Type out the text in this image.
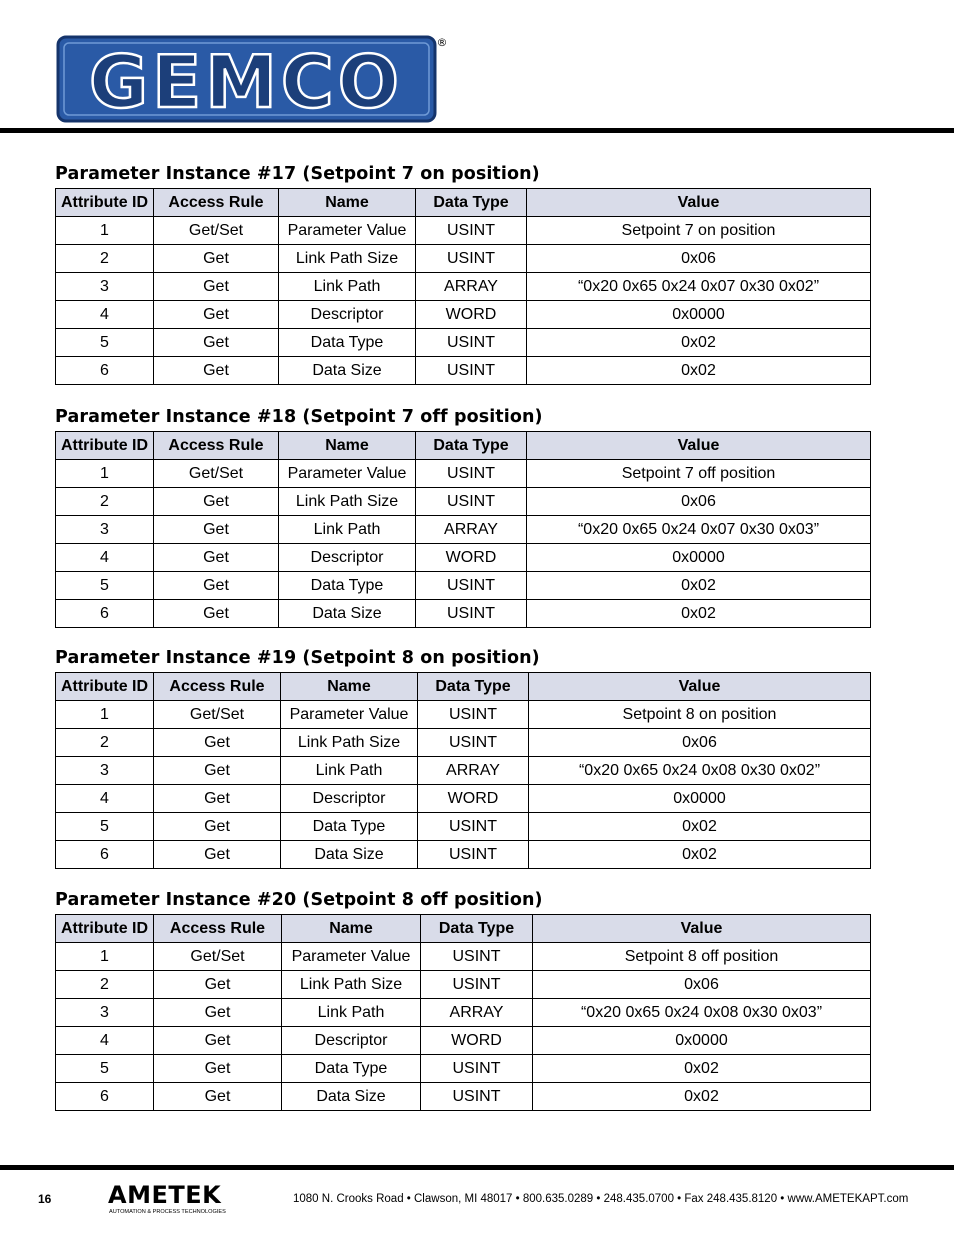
GEMCO	®
Parameter Instance #17 (Setpoint 7 on position)
Attribute ID	Access Rule	Name	Data Type	Value
1	Get/Set	Parameter Value	USINT	Setpoint 7 on position
2	Get	Link Path Size	USINT	0x06
3	Get	Link Path	ARRAY	“0x20 0x65 0x24 0x07 0x30 0x02”
4	Get	Descriptor	WORD	0x0000
5	Get	Data Type	USINT	0x02
6	Get	Data Size	USINT	0x02
Parameter Instance #18 (Setpoint 7 off position)
Attribute ID	Access Rule	Name	Data Type	Value
1	Get/Set	Parameter Value	USINT	Setpoint 7 off position
2	Get	Link Path Size	USINT	0x06
3	Get	Link Path	ARRAY	“0x20 0x65 0x24 0x07 0x30 0x03”
4	Get	Descriptor	WORD	0x0000
5	Get	Data Type	USINT	0x02
6	Get	Data Size	USINT	0x02
Parameter Instance #19 (Setpoint 8 on position)
Attribute ID	Access Rule	Name	Data Type	Value
1	Get/Set	Parameter Value	USINT	Setpoint 8 on position
2	Get	Link Path Size	USINT	0x06
3	Get	Link Path	ARRAY	“0x20 0x65 0x24 0x08 0x30 0x02”
4	Get	Descriptor	WORD	0x0000
5	Get	Data Type	USINT	0x02
6	Get	Data Size	USINT	0x02
Parameter Instance #20 (Setpoint 8 off position)
Attribute ID	Access Rule	Name	Data Type	Value
1	Get/Set	Parameter Value	USINT	Setpoint 8 off position
2	Get	Link Path Size	USINT	0x06
3	Get	Link Path	ARRAY	“0x20 0x65 0x24 0x08 0x30 0x03”
4	Get	Descriptor	WORD	0x0000
5	Get	Data Type	USINT	0x02
6	Get	Data Size	USINT	0x02
16 AMETEK
AUTOMATION & PROCESS TECHNOLOGIES
1080 N. Crooks Road • Clawson, MI 48017 • 800.635.0289 • 248.435.0700 • Fax 248.435.8120 • www.AMETEKAPT.com
